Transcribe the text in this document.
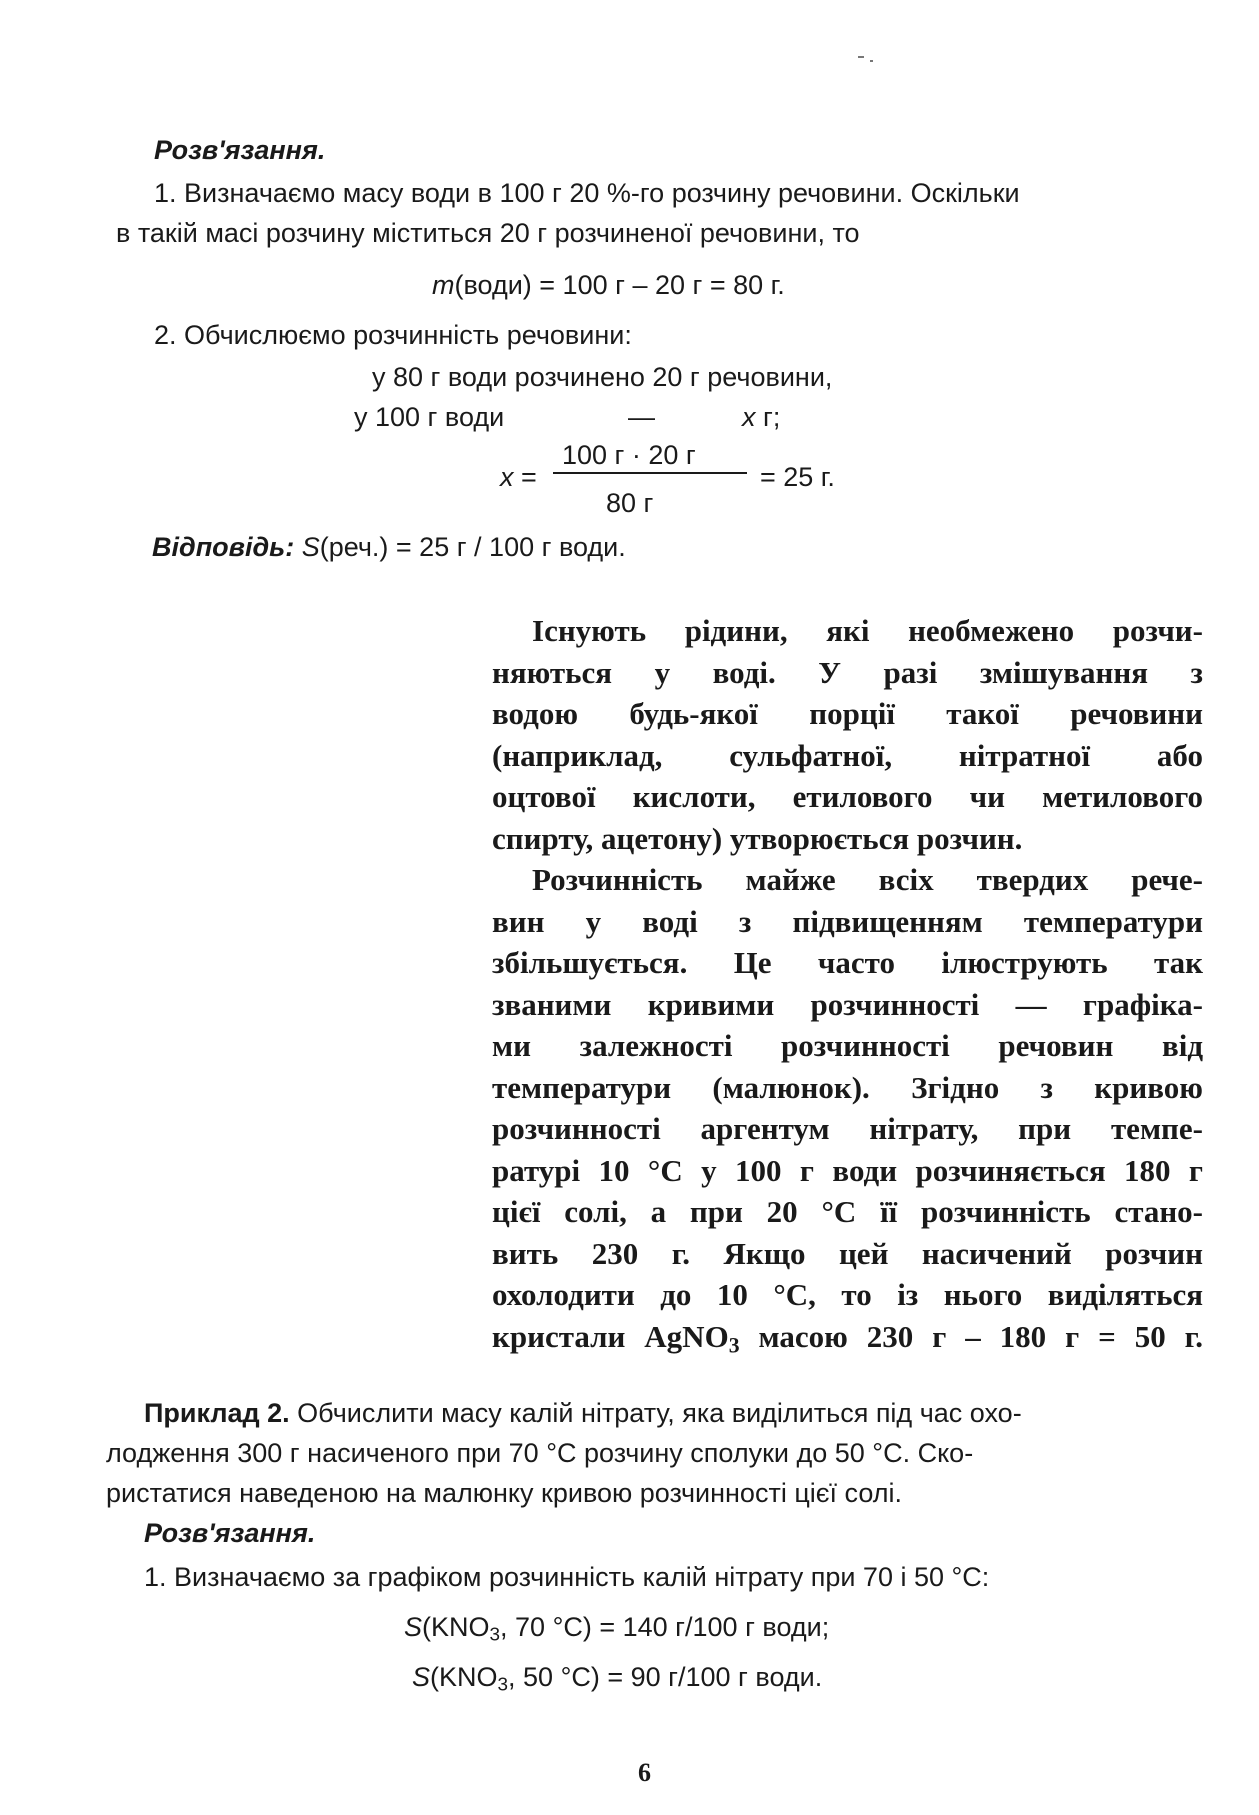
Розв'язання.
1. Визначаємо масу води в 100 г 20 %-го розчину речовини. Оскільки
в такій масі розчину міститься 20 г розчиненої речовини, то
m(води) = 100 г – 20 г = 80 г.
2. Обчислюємо розчинність речовини:
у 80 г води розчинено 20 г речовини,
у 100 г води	—	x г;
x =
100 г · 20 г
80 г
= 25 г.
Відповідь: S(реч.) = 25 г / 100 г води.
Існують рідини, які необмежено розчи-
няються у воді. У разі змішування з
водою будь-якої порції такої речовини
(наприклад, сульфатної, нітратної або
оцтової кислоти, етилового чи метилового
спирту, ацетону) утворюється розчин.
Розчинність майже всіх твердих рече-
вин у воді з підвищенням температури
збільшується. Це часто ілюструють так
званими кривими розчинності — графіка-
ми залежності розчинності речовин від
температури (малюнок). Згідно з кривою
розчинності аргентум нітрату, при темпе-
ратурі 10 °С у 100 г води розчиняється 180 г
цієї солі, а при 20 °С її розчинність стано-
вить 230 г. Якщо цей насичений розчин
охолодити до 10 °С, то із нього виділяться
кристали AgNO$_3$ масою 230 г – 180 г = 50 г.
Приклад 2. Обчислити масу калій нітрату, яка виділиться під час охо-
лодження 300 г насиченого при 70 °С розчину сполуки до 50 °С. Ско-
ристатися наведеною на малюнку кривою розчинності цієї солі.
Розв'язання.
1. Визначаємо за графіком розчинність калій нітрату при 70 і 50 °С:
$S(KNO_3$, 70 °С) = 140 г/100 г води;
$S(KNO_3$, 50 °С) = 90 г/100 г води.
6
